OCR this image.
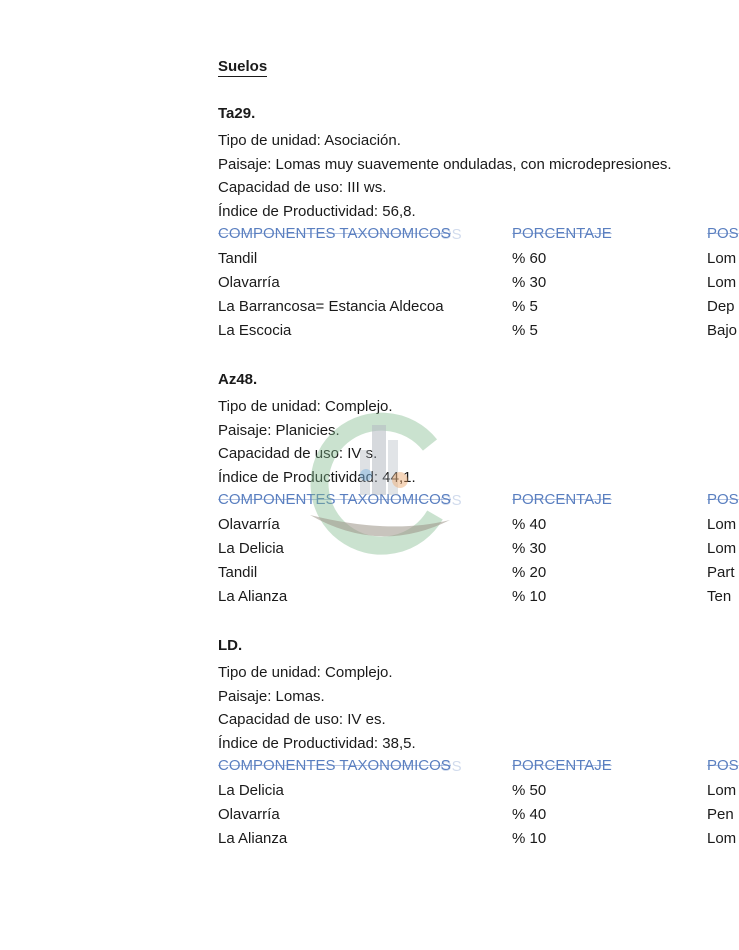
Suelos
Ta29.
Tipo de unidad: Asociación.
Paisaje: Lomas muy suavemente onduladas, con microdepresiones.
Capacidad de uso: III ws.
Índice de Productividad: 56,8.
COMPONENTES TAXONOMICOS OS	PORCENTAJE	POS
Tandil	% 60	Lom
Olavarría	% 30	Lom
La Barrancosa= Estancia Aldecoa	% 5	Dep
La Escocia	% 5	Bajo
Az48.
Tipo de unidad: Complejo.
Paisaje: Planicies.
Capacidad de uso: IV s.
Índice de Productividad: 44,1.
COMPONENTES TAXONOMICOS OS	PORCENTAJE	POS
Olavarría	% 40	Lom
La Delicia	% 30	Lom
Tandil	% 20	Part
La Alianza	% 10	Ten
LD.
Tipo de unidad: Complejo.
Paisaje: Lomas.
Capacidad de uso: IV es.
Índice de Productividad: 38,5.
COMPONENTES TAXONOMICOS OS	PORCENTAJE	POS
La Delicia	% 50	Lom
Olavarría	% 40	Pen
La Alianza	% 10	Lom
